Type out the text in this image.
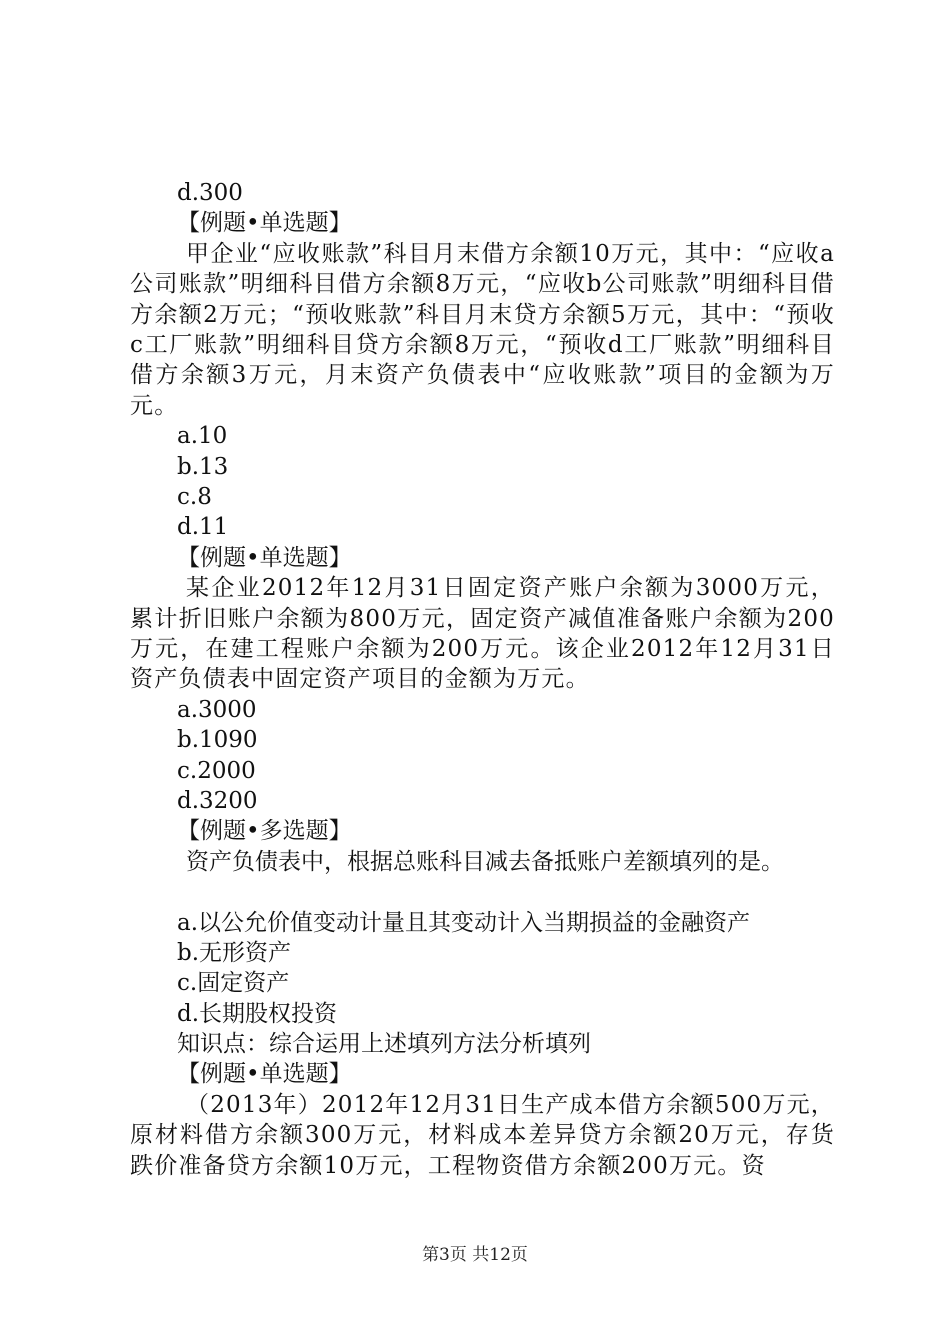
d.300
【例题•单选题】
甲企业“应收账款”科目月末借方余额10万元，其中：“应收a公司账款”明细科目借方余额8万元，“应收b公司账款”明细科目借方余额2万元；“预收账款”科目月末贷方余额5万元，其中：“预收c工厂账款”明细科目贷方余额8万元，“预收d工厂账款”明细科目借方余额3万元，月末资产负债表中“应收账款”项目的金额为万元。
a.10
b.13
c.8
d.11
【例题•单选题】
某企业2012年12月31日固定资产账户余额为3000万元，累计折旧账户余额为800万元，固定资产减值准备账户余额为200万元，在建工程账户余额为200万元。该企业2012年12月31日资产负债表中固定资产项目的金额为万元。
a.3000
b.1090
c.2000
d.3200
【例题•多选题】
资产负债表中，根据总账科目减去备抵账户差额填列的是。
a.以公允价值变动计量且其变动计入当期损益的金融资产
b.无形资产
c.固定资产
d.长期股权投资
知识点：综合运用上述填列方法分析填列
【例题•单选题】
（2013年）2012年12月31日生产成本借方余额500万元，原材料借方余额300万元，材料成本差异贷方余额20万元，存货跌价准备贷方余额10万元，工程物资借方余额200万元。资
第3页 共12页
